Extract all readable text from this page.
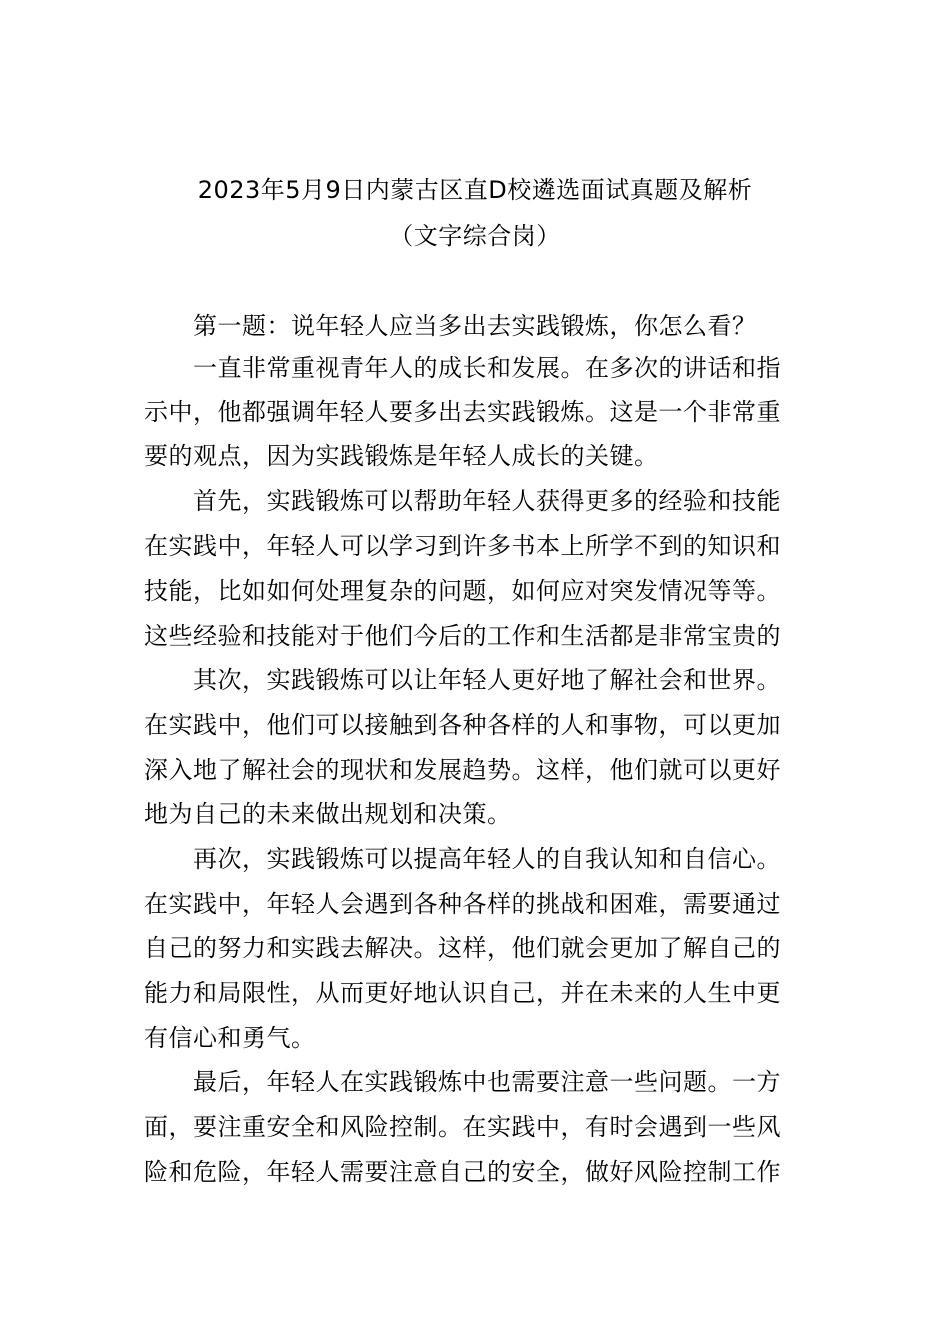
2023年5月9日内蒙古区直D校遴选面试真题及解析
（文字综合岗）
第一题：说年轻人应当多出去实践锻炼，你怎么看？
一直非常重视青年人的成长和发展。在多次的讲话和指
示中，他都强调年轻人要多出去实践锻炼。这是一个非常重
要的观点，因为实践锻炼是年轻人成长的关键。
首先，实践锻炼可以帮助年轻人获得更多的经验和技能
在实践中，年轻人可以学习到许多书本上所学不到的知识和
技能，比如如何处理复杂的问题，如何应对突发情况等等。
这些经验和技能对于他们今后的工作和生活都是非常宝贵的
其次，实践锻炼可以让年轻人更好地了解社会和世界。
在实践中，他们可以接触到各种各样的人和事物，可以更加
深入地了解社会的现状和发展趋势。这样，他们就可以更好
地为自己的未来做出规划和决策。
再次，实践锻炼可以提高年轻人的自我认知和自信心。
在实践中，年轻人会遇到各种各样的挑战和困难，需要通过
自己的努力和实践去解决。这样，他们就会更加了解自己的
能力和局限性，从而更好地认识自己，并在未来的人生中更
有信心和勇气。
最后，年轻人在实践锻炼中也需要注意一些问题。一方
面，要注重安全和风险控制。在实践中，有时会遇到一些风
险和危险，年轻人需要注意自己的安全，做好风险控制工作
